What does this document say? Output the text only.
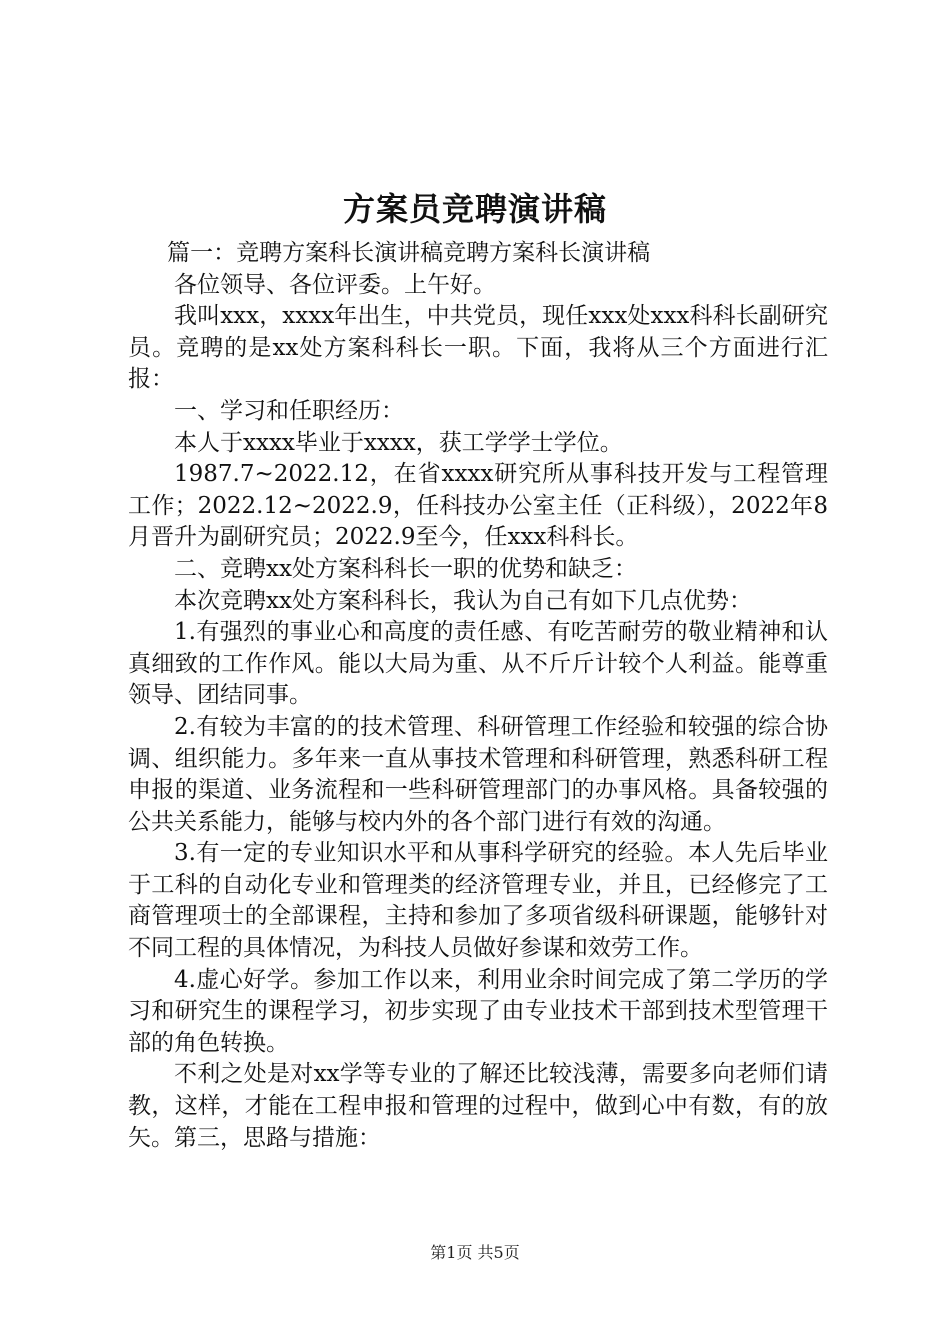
方案员竞聘演讲稿

篇一：竞聘方案科长演讲稿竞聘方案科长演讲稿

各位领导、各位评委。上午好。

我叫xxx，xxxx年出生，中共党员，现任xxx处xxx科科长副研究员。竞聘的是xx处方案科科长一职。下面，我将从三个方面进行汇报：

一、学习和任职经历：

本人于xxxx毕业于xxxx，获工学学士学位。

1987.7~2022.12，在省xxxx研究所从事科技开发与工程管理工作；2022.12~2022.9，任科技办公室主任（正科级），2022年8月晋升为副研究员；2022.9至今，任xxx科科长。

二、竞聘xx处方案科科长一职的优势和缺乏：

本次竞聘xx处方案科科长，我认为自己有如下几点优势：

1.有强烈的事业心和高度的责任感、有吃苦耐劳的敬业精神和认真细致的工作作风。能以大局为重、从不斤斤计较个人利益。能尊重领导、团结同事。

2.有较为丰富的的技术管理、科研管理工作经验和较强的综合协调、组织能力。多年来一直从事技术管理和科研管理，熟悉科研工程申报的渠道、业务流程和一些科研管理部门的办事风格。具备较强的公共关系能力，能够与校内外的各个部门进行有效的沟通。

3.有一定的专业知识水平和从事科学研究的经验。本人先后毕业于工科的自动化专业和管理类的经济管理专业，并且，已经修完了工商管理项士的全部课程，主持和参加了多项省级科研课题，能够针对不同工程的具体情况，为科技人员做好参谋和效劳工作。

4.虚心好学。参加工作以来，利用业余时间完成了第二学历的学习和研究生的课程学习，初步实现了由专业技术干部到技术型管理干部的角色转换。

不利之处是对xx学等专业的了解还比较浅薄，需要多向老师们请教，这样，才能在工程申报和管理的过程中，做到心中有数，有的放矢。第三，思路与措施：

第1页 共5页
